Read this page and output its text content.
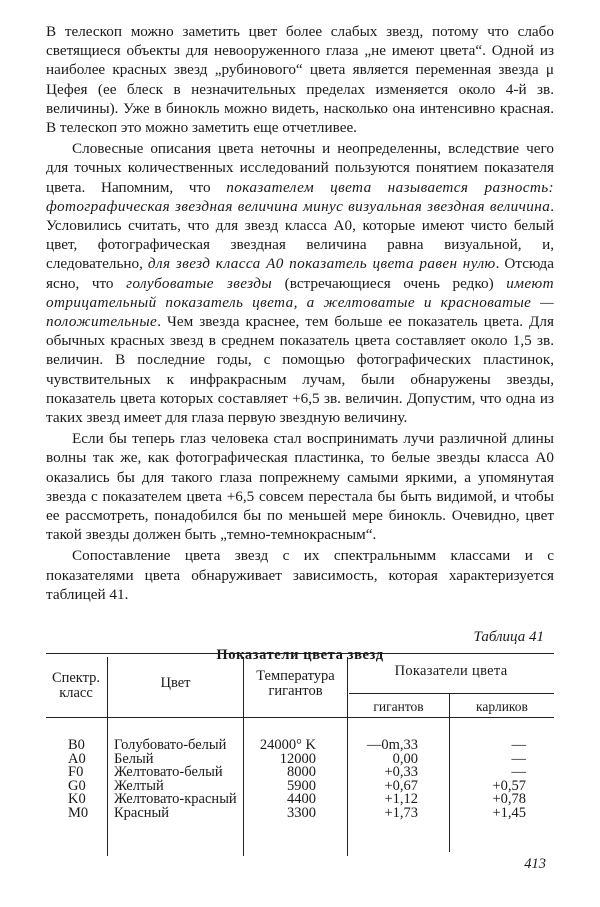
В телескоп можно заметить цвет более слабых звезд, потому что слабо светящиеся объекты для невооруженного глаза „не имеют цвета“. Одной из наиболее красных звезд „рубинового“ цвета является переменная звезда μ Цефея (ее блеск в незначительных пределах изменяется около 4-й зв. величины). Уже в бинокль можно видеть, насколько она интенсивно красная. В телескоп это можно заметить еще отчетливее.

Словесные описания цвета неточны и неопределенны, вследствие чего для точных количественных исследований пользуются понятием показателя цвета. Напомним, что показателем цвета называется разность: фотографическая звездная величина минус визуальная звездная величина. Условились считать, что для звезд класса А0, которые имеют чисто белый цвет, фотографическая звездная величина равна визуальной, и, следовательно, для звезд класса А0 показатель цвета равен нулю. Отсюда ясно, что голубоватые звезды (встречающиеся очень редко) имеют отрицательный показатель цвета, а желтоватые и красноватые — положительные. Чем звезда краснее, тем больше ее показатель цвета. Для обычных красных звезд в среднем показатель цвета составляет около 1,5 зв. величин. В последние годы, с помощью фотографических пластинок, чувствительных к инфракрасным лучам, были обнаружены звезды, показатель цвета которых составляет +6,5 зв. величин. Допустим, что одна из таких звезд имеет для глаза первую звездную величину.

Если бы теперь глаз человека стал воспринимать лучи различной длины волны так же, как фотографическая пластинка, то белые звезды класса А0 оказались бы для такого глаза попрежнему самыми яркими, а упомянутая звезда с показателем цвета +6,5 совсем перестала бы быть видимой, и чтобы ее рассмотреть, понадобился бы по меньшей мере бинокль. Очевидно, цвет такой звезды должен быть „темно-темнокрасным“.

Сопоставление цвета звезд с их спектральнымм классами и с показателями цвета обнаруживает зависимость, которая характеризуется таблицей 41.

Таблица 41
Показатели цвета звезд
Спектр. класс
Цвет	Температура гигантов
Показатели цвета
гигантов	карликов
B0
A0
F0
G0
K0
M0
Голубовато-белый
Белый
Желтовато-белый
Желтый
Желтовато-красный
Красный
24000° K
12000
8000
5900
4400
3300
—0m,33
0,00
+0,33
+0,67
+1,12
+1,73
—
—
—
+0,57
+0,78
+1,45
413
